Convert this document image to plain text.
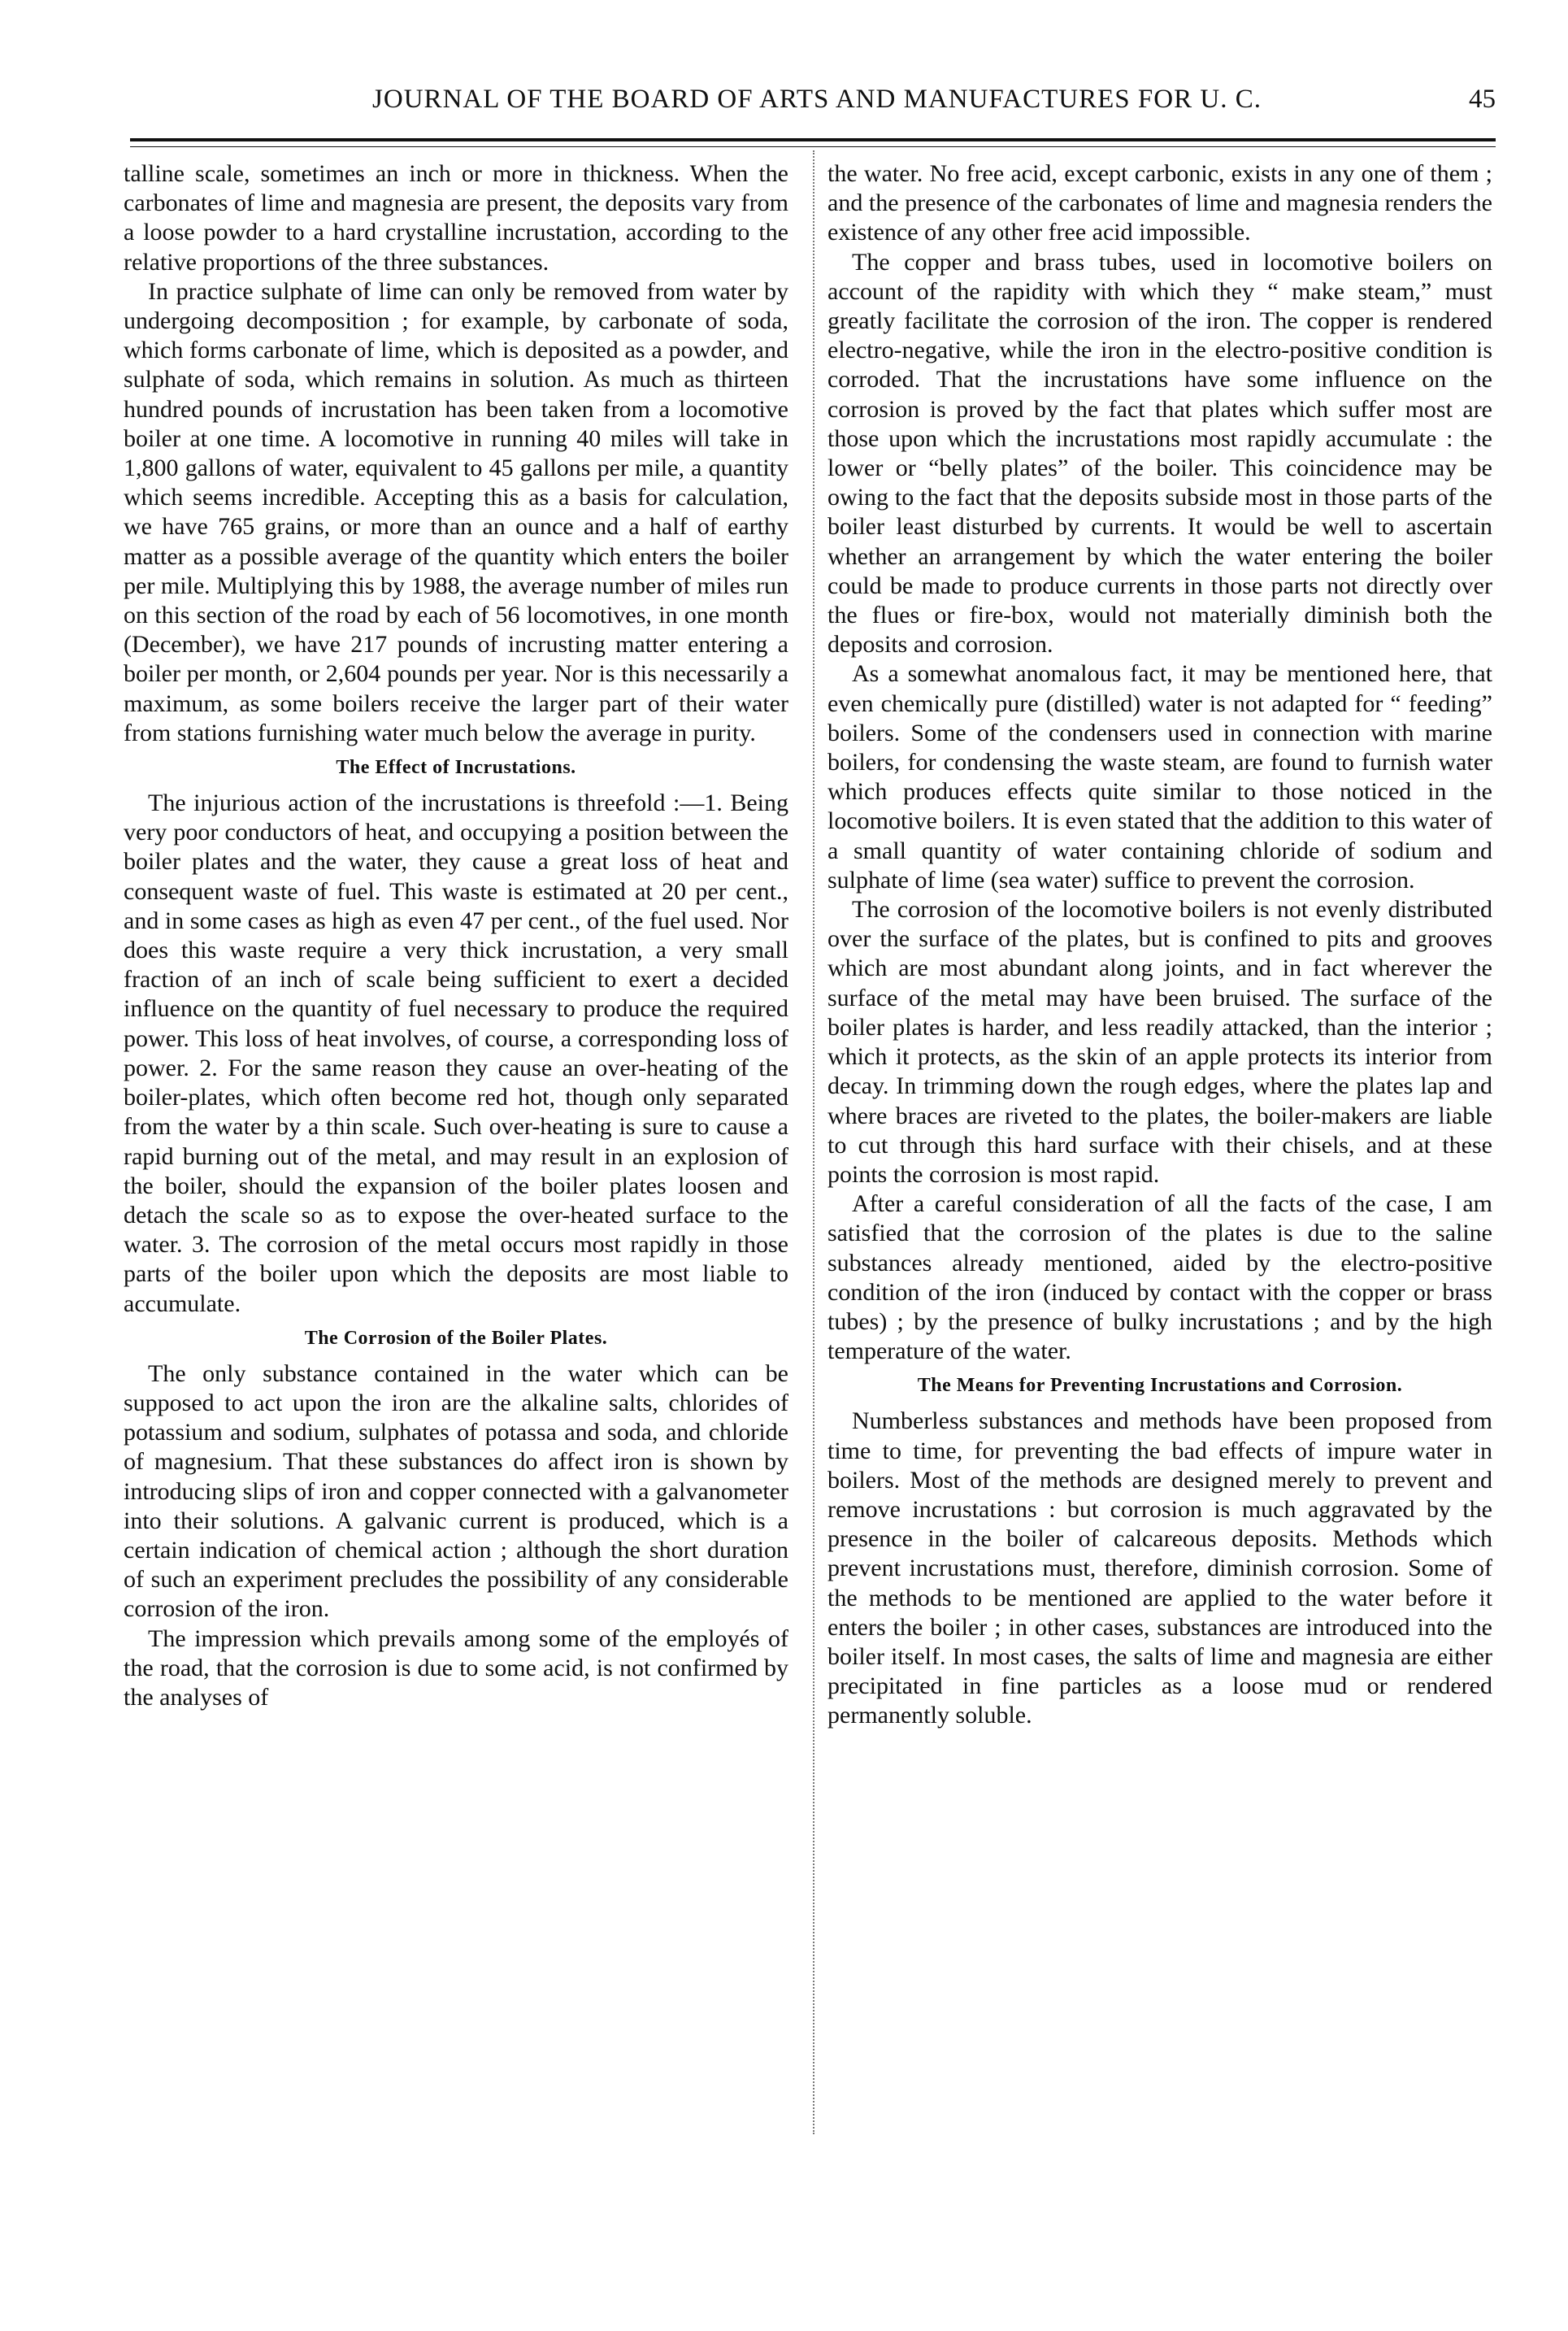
JOURNAL OF THE BOARD OF ARTS AND MANUFACTURES FOR U. C.	45

talline scale, sometimes an inch or more in thickness. When the carbonates of lime and magnesia are present, the deposits vary from a loose powder to a hard crystalline incrustation, according to the relative proportions of the three substances.

In practice sulphate of lime can only be removed from water by undergoing decomposition ; for example, by carbonate of soda, which forms carbonate of lime, which is deposited as a powder, and sulphate of soda, which remains in solution. As much as thirteen hundred pounds of incrustation has been taken from a locomotive boiler at one time. A locomotive in running 40 miles will take in 1,800 gallons of water, equivalent to 45 gallons per mile, a quantity which seems incredible. Accepting this as a basis for calculation, we have 765 grains, or more than an ounce and a half of earthy matter as a possible average of the quantity which enters the boiler per mile. Multiplying this by 1988, the average number of miles run on this section of the road by each of 56 locomotives, in one month (December), we have 217 pounds of incrusting matter entering a boiler per month, or 2,604 pounds per year. Nor is this necessarily a maximum, as some boilers receive the larger part of their water from stations furnishing water much below the average in purity.

The Effect of Incrustations.

The injurious action of the incrustations is threefold :—1. Being very poor conductors of heat, and occupying a position between the boiler plates and the water, they cause a great loss of heat and consequent waste of fuel. This waste is estimated at 20 per cent., and in some cases as high as even 47 per cent., of the fuel used. Nor does this waste require a very thick incrustation, a very small fraction of an inch of scale being sufficient to exert a decided influence on the quantity of fuel necessary to produce the required power. This loss of heat involves, of course, a corresponding loss of power. 2. For the same reason they cause an over-heating of the boiler-plates, which often become red hot, though only separated from the water by a thin scale. Such over-heating is sure to cause a rapid burning out of the metal, and may result in an explosion of the boiler, should the expansion of the boiler plates loosen and detach the scale so as to expose the over-heated surface to the water. 3. The corrosion of the metal occurs most rapidly in those parts of the boiler upon which the deposits are most liable to accumulate.

The Corrosion of the Boiler Plates.

The only substance contained in the water which can be supposed to act upon the iron are the alkaline salts, chlorides of potassium and sodium, sulphates of potassa and soda, and chloride of magnesium. That these substances do affect iron is shown by introducing slips of iron and copper connected with a galvanometer into their solutions. A galvanic current is produced, which is a certain indication of chemical action ; although the short duration of such an experiment precludes the possibility of any considerable corrosion of the iron.

The impression which prevails among some of the employés of the road, that the corrosion is due to some acid, is not confirmed by the analyses of

the water. No free acid, except carbonic, exists in any one of them ; and the presence of the carbonates of lime and magnesia renders the existence of any other free acid impossible.

The copper and brass tubes, used in locomotive boilers on account of the rapidity with which they “ make steam,” must greatly facilitate the corrosion of the iron. The copper is rendered electro-negative, while the iron in the electro-positive condition is corroded. That the incrustations have some influence on the corrosion is proved by the fact that plates which suffer most are those upon which the incrustations most rapidly accumulate : the lower or “belly plates” of the boiler. This coincidence may be owing to the fact that the deposits subside most in those parts of the boiler least disturbed by currents. It would be well to ascertain whether an arrangement by which the water entering the boiler could be made to produce currents in those parts not directly over the flues or fire-box, would not materially diminish both the deposits and corrosion.

As a somewhat anomalous fact, it may be mentioned here, that even chemically pure (distilled) water is not adapted for “ feeding” boilers. Some of the condensers used in connection with marine boilers, for condensing the waste steam, are found to furnish water which produces effects quite similar to those noticed in the locomotive boilers. It is even stated that the addition to this water of a small quantity of water containing chloride of sodium and sulphate of lime (sea water) suffice to prevent the corrosion.

The corrosion of the locomotive boilers is not evenly distributed over the surface of the plates, but is confined to pits and grooves which are most abundant along joints, and in fact wherever the surface of the metal may have been bruised. The surface of the boiler plates is harder, and less readily attacked, than the interior ; which it protects, as the skin of an apple protects its interior from decay. In trimming down the rough edges, where the plates lap and where braces are riveted to the plates, the boiler-makers are liable to cut through this hard surface with their chisels, and at these points the corrosion is most rapid.

After a careful consideration of all the facts of the case, I am satisfied that the corrosion of the plates is due to the saline substances already mentioned, aided by the electro-positive condition of the iron (induced by contact with the copper or brass tubes) ; by the presence of bulky incrustations ; and by the high temperature of the water.

The Means for Preventing Incrustations and Corrosion.

Numberless substances and methods have been proposed from time to time, for preventing the bad effects of impure water in boilers. Most of the methods are designed merely to prevent and remove incrustations : but corrosion is much aggravated by the presence in the boiler of calcareous deposits. Methods which prevent incrustations must, therefore, diminish corrosion. Some of the methods to be mentioned are applied to the water before it enters the boiler ; in other cases, substances are introduced into the boiler itself. In most cases, the salts of lime and magnesia are either precipitated in fine particles as a loose mud or rendered permanently soluble.
